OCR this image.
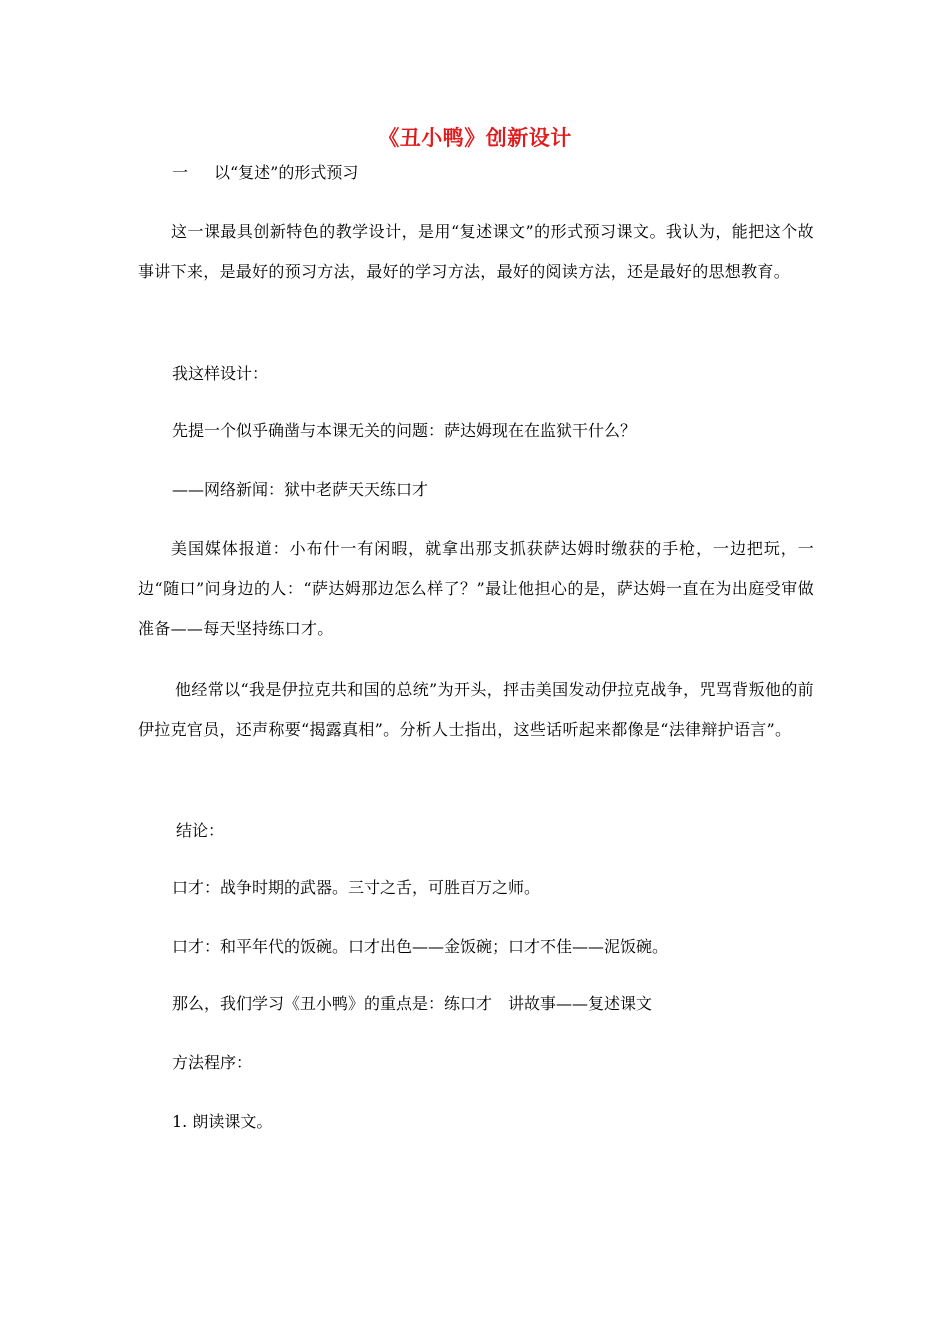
《丑小鸭》创新设计
一 以“复述”的形式预习
这一课最具创新特色的教学设计，是用“复述课文”的形式预习课文。我认为，能把这个故事讲下来，是最好的预习方法，最好的学习方法，最好的阅读方法，还是最好的思想教育。
我这样设计：
先提一个似乎确凿与本课无关的问题：萨达姆现在在监狱干什么？
——网络新闻：狱中老萨天天练口才
美国媒体报道：小布什一有闲暇，就拿出那支抓获萨达姆时缴获的手枪，一边把玩，一边“随口”问身边的人：“萨达姆那边怎么样了？”最让他担心的是，萨达姆一直在为出庭受审做准备——每天坚持练口才。
他经常以“我是伊拉克共和国的总统”为开头，抨击美国发动伊拉克战争，咒骂背叛他的前伊拉克官员，还声称要“揭露真相”。分析人士指出，这些话听起来都像是“法律辩护语言”。
结论：
口才：战争时期的武器。三寸之舌，可胜百万之师。
口才：和平年代的饭碗。口才出色——金饭碗；口才不佳——泥饭碗。
那么，我们学习《丑小鸭》的重点是：练口才　讲故事——复述课文
方法程序：
1. 朗读课文。
